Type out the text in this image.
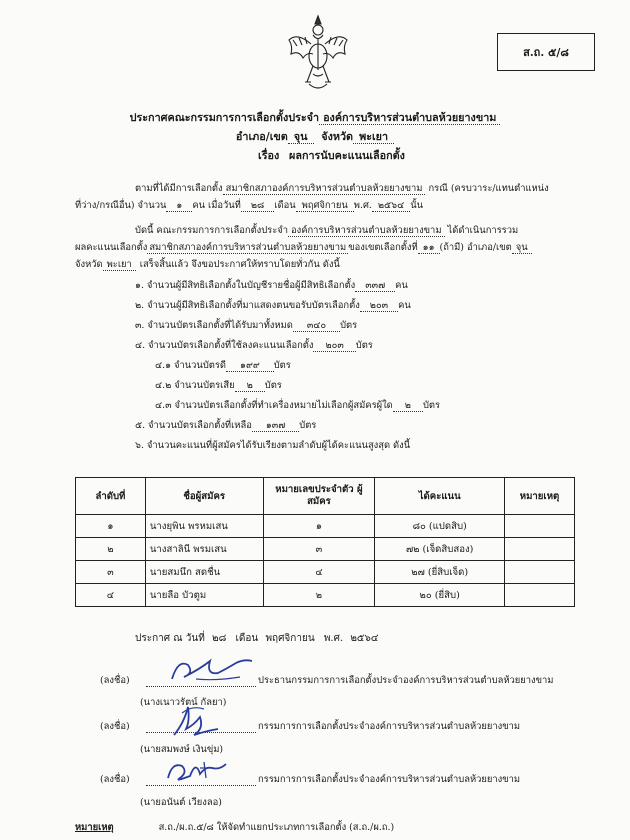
ส.ถ. ๕/๘
ประกาศคณะกรรมการการเลือกตั้งประจำ องค์การบริหารส่วนตำบลห้วยยางขาม
อำเภอ/เขต จุน จังหวัด พะเยา
เรื่อง ผลการนับคะแนนเลือกตั้ง
ตามที่ได้มีการเลือกตั้ง สมาชิกสภาองค์การบริหารส่วนตำบลห้วยยางขาม กรณี (ครบวาระ/แทนตำแหน่ง
ที่ว่าง/กรณีอื่น) จำนวน ๑ คน เมื่อวันที่ ๒๘ เดือน พฤศจิกายน พ.ศ. ๒๕๖๔ นั้น
บัดนี้ คณะกรรมการการเลือกตั้งประจำ องค์การบริหารส่วนตำบลห้วยยางขาม ได้ดำเนินการรวม
ผลคะแนนเลือกตั้ง สมาชิกสภาองค์การบริหารส่วนตำบลห้วยยางขาม ของเขตเลือกตั้งที่ ๑๑ (ถ้ามี) อำเภอ/เขต จุน
จังหวัด พะเยา เสร็จสิ้นแล้ว จึงขอประกาศให้ทราบโดยทั่วกัน ดังนี้
๑. จำนวนผู้มีสิทธิเลือกตั้งในบัญชีรายชื่อผู้มีสิทธิเลือกตั้ง ๓๓๗ คน
๒. จำนวนผู้มีสิทธิเลือกตั้งที่มาแสดงตนขอรับบัตรเลือกตั้ง ๒๐๓ คน
๓. จำนวนบัตรเลือกตั้งที่ได้รับมาทั้งหมด ๓๔๐ บัตร
๔. จำนวนบัตรเลือกตั้งที่ใช้ลงคะแนนเลือกตั้ง ๒๐๓ บัตร
๔.๑ จำนวนบัตรดี ๑๙๙ บัตร
๔.๒ จำนวนบัตรเสีย ๒ บัตร
๔.๓ จำนวนบัตรเลือกตั้งที่ทำเครื่องหมายไม่เลือกผู้สมัครผู้ใด ๒ บัตร
๕. จำนวนบัตรเลือกตั้งที่เหลือ ๑๓๗ บัตร
๖. จำนวนคะแนนที่ผู้สมัครได้รับเรียงตามลำดับผู้ได้คะแนนสูงสุด ดังนี้
ลำดับที่	ชื่อผู้สมัคร	หมายเลขประจำตัว ผู้สมัคร	ได้คะแนน	หมายเหตุ
๑	นางยุพิน พรหมเสน	๑	๘๐ (แปดสิบ)	
๒	นางสาลินี พรมเสน	๓	๗๒ (เจ็ดสิบสอง)	
๓	นายสมนึก สดชื่น	๔	๒๗ (ยี่สิบเจ็ด)	
๔	นายลือ บัวตูม	๒	๒๐ (ยี่สิบ)	
ประกาศ ณ วันที่ ๒๘ เดือน พฤศจิกายน พ.ศ. ๒๕๖๔
(ลงชื่อ)	ประธานกรรมการการเลือกตั้งประจำองค์การบริหารส่วนตำบลห้วยยางขาม
(นางเนาวรัตน์ กัลยา)
(ลงชื่อ)	กรรมการการเลือกตั้งประจำองค์การบริหารส่วนตำบลห้วยยางขาม
(นายสมพงษ์ เงินขุ่ม)
(ลงชื่อ)	กรรมการการเลือกตั้งประจำองค์การบริหารส่วนตำบลห้วยยางขาม
(นายอนันต์ เวียงลอ)
หมายเหตุ	ส.ถ./ผ.ถ.๕/๘ ให้จัดทำแยกประเภทการเลือกตั้ง (ส.ถ./ผ.ถ.)
